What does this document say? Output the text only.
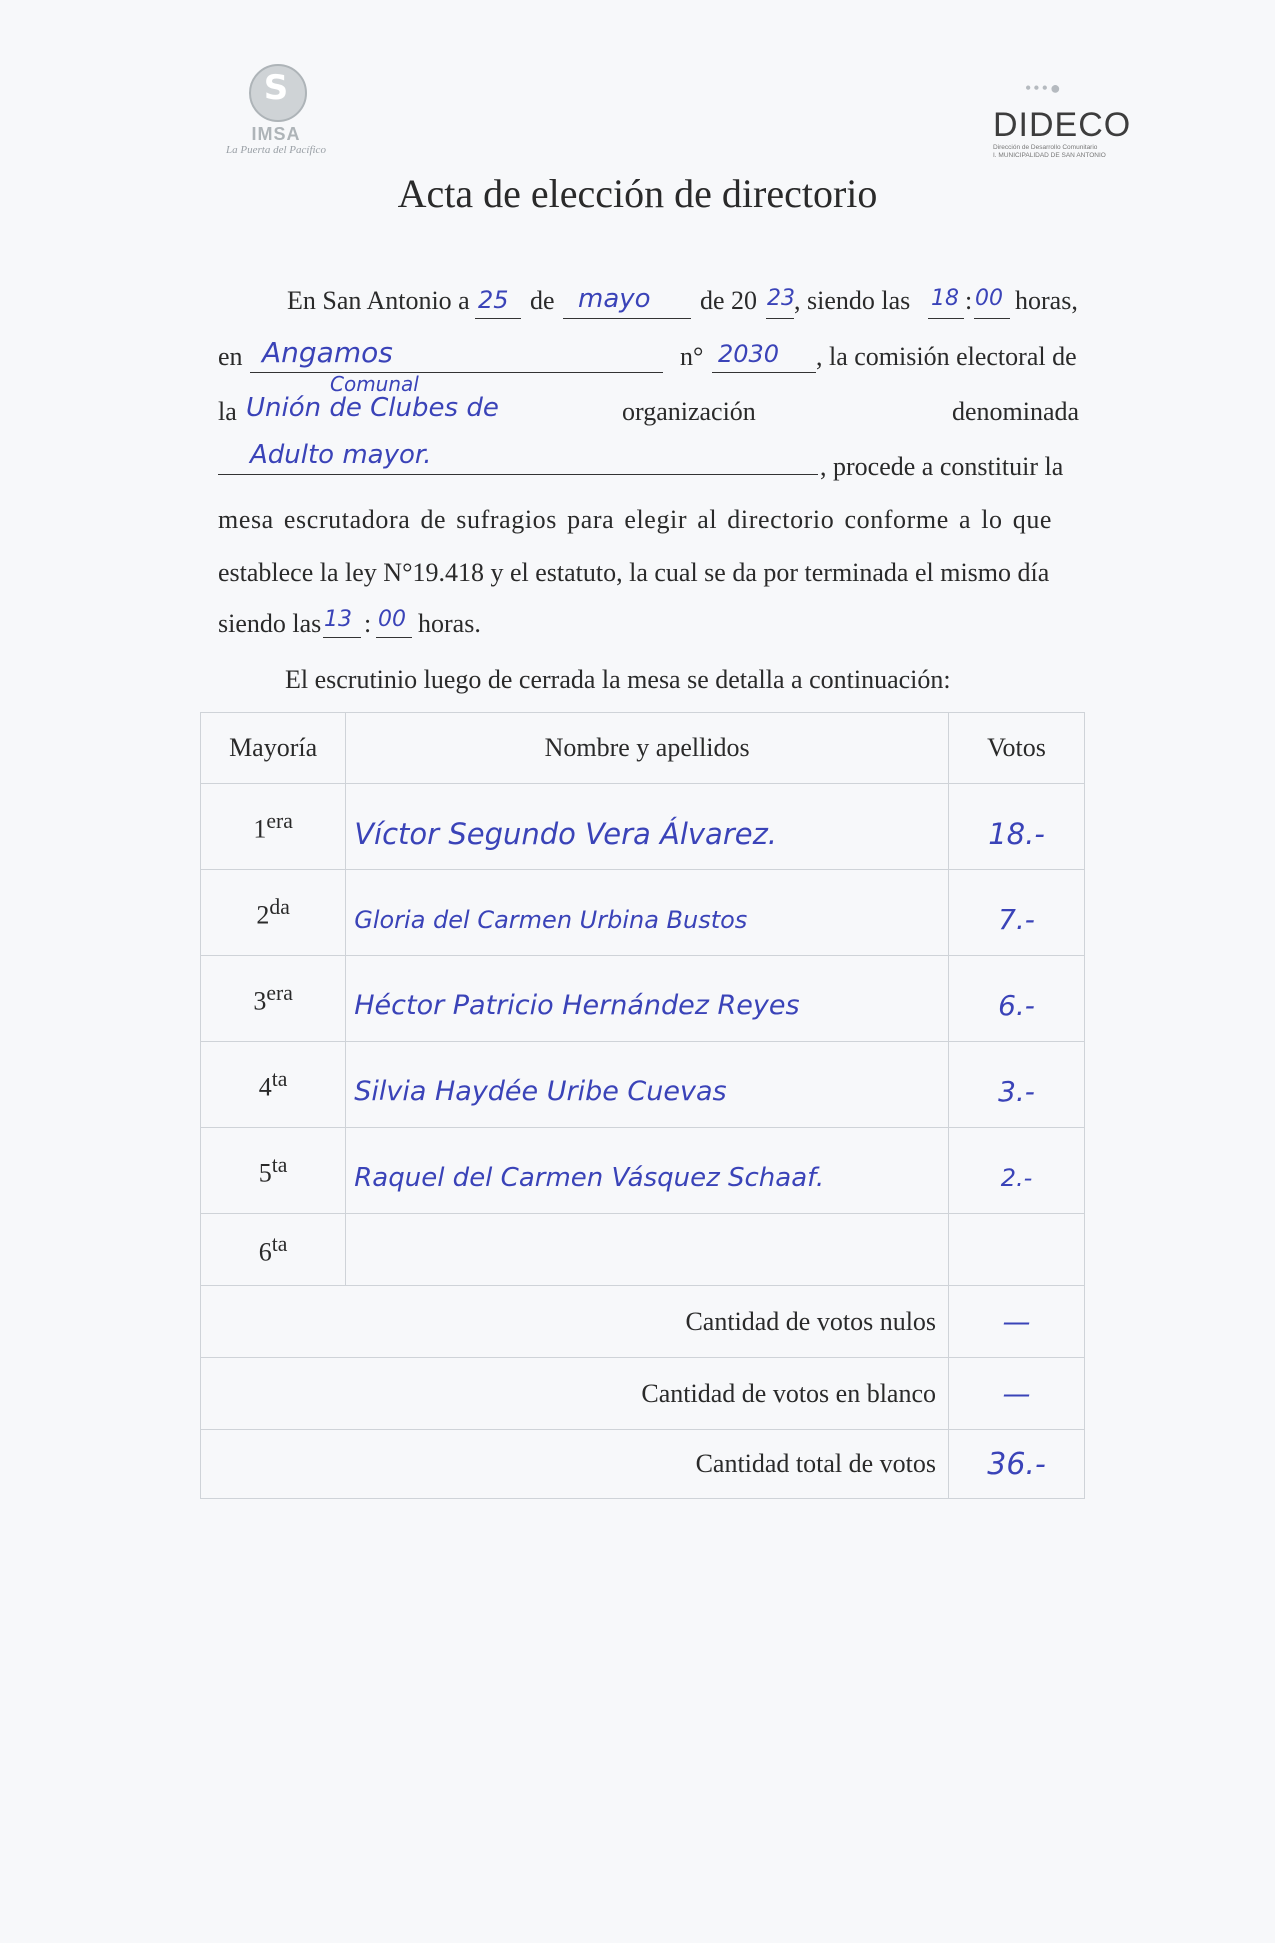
S
IMSA
La Puerta del Pacífico
•••●
DIDECO
Dirección de Desarrollo Comunitario
I. MUNICIPALIDAD DE SAN ANTONIO
Acta de elección de directorio
En San Antonio a 25 de mayo de 20 23 , siendo las 18 : 00 horas,
en Angamos	n° 2030 , la comisión electoral de
la Unión de Clubes de
Comunal
organización	denominada
Adulto mayor.	, procede a constituir la
mesa escrutadora de sufragios para elegir al directorio conforme a lo que
establece la ley N°19.418 y el estatuto, la cual se da por terminada el mismo día
siendo las 13 : 00 horas.
El escrutinio luego de cerrada la mesa se detalla a continuación:
Mayoría	Nombre y apellidos	Votos
$1^{era}$	Víctor Segundo Vera Álvarez.	18.-
$2^{da}$	Gloria del Carmen Urbina Bustos	7.-
$3^{era}$	Héctor Patricio Hernández Reyes	6.-
$4^{ta}$	Silvia Haydée Uribe Cuevas	3.-
$5^{ta}$	Raquel del Carmen Vásquez Schaaf.	2.-
$6^{ta}$		
Cantidad de votos nulos		—
Cantidad de votos en blanco		—
Cantidad total de votos		36.-
